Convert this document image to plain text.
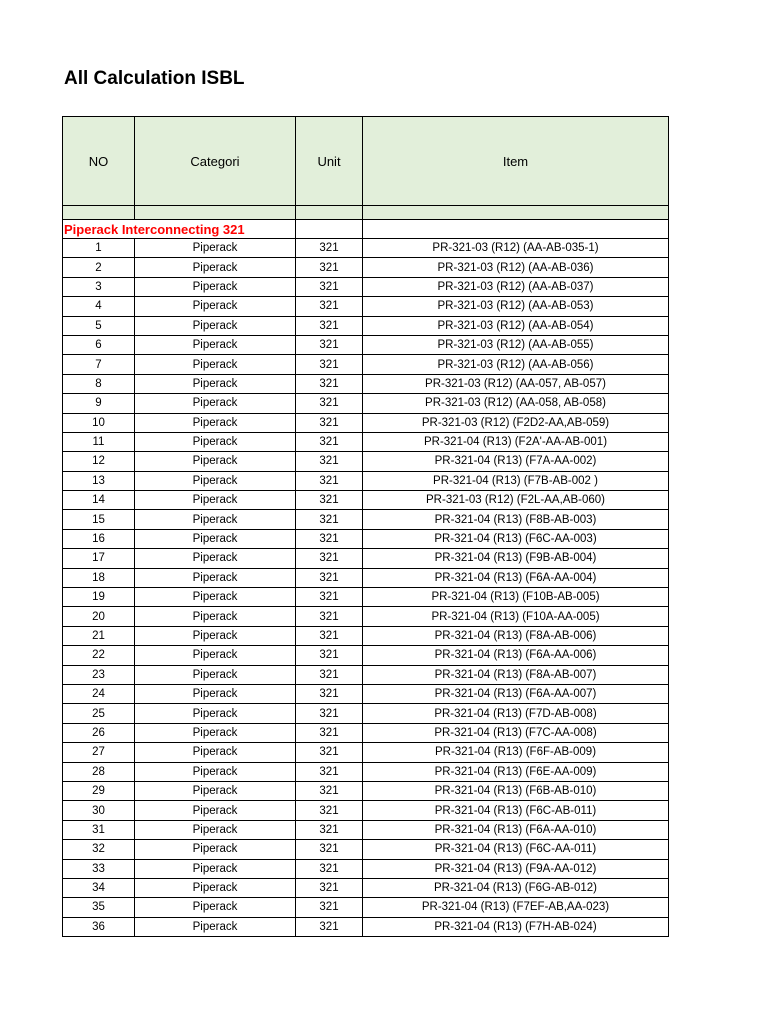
All Calculation ISBL
NO	Categori	Unit	Item

Piperack Interconnecting 321			
1	Piperack	321	PR-321-03 (R12) (AA-AB-035-1)
2	Piperack	321	PR-321-03 (R12) (AA-AB-036)
3	Piperack	321	PR-321-03 (R12) (AA-AB-037)
4	Piperack	321	PR-321-03 (R12) (AA-AB-053)
5	Piperack	321	PR-321-03 (R12) (AA-AB-054)
6	Piperack	321	PR-321-03 (R12) (AA-AB-055)
7	Piperack	321	PR-321-03 (R12) (AA-AB-056)
8	Piperack	321	PR-321-03 (R12) (AA-057, AB-057)
9	Piperack	321	PR-321-03 (R12) (AA-058, AB-058)
10	Piperack	321	PR-321-03 (R12) (F2D2-AA,AB-059)
11	Piperack	321	PR-321-04 (R13) (F2A'-AA-AB-001)
12	Piperack	321	PR-321-04 (R13) (F7A-AA-002)
13	Piperack	321	PR-321-04 (R13) (F7B-AB-002 )
14	Piperack	321	PR-321-03 (R12) (F2L-AA,AB-060)
15	Piperack	321	PR-321-04 (R13) (F8B-AB-003)
16	Piperack	321	PR-321-04 (R13) (F6C-AA-003)
17	Piperack	321	PR-321-04 (R13) (F9B-AB-004)
18	Piperack	321	PR-321-04 (R13) (F6A-AA-004)
19	Piperack	321	PR-321-04 (R13) (F10B-AB-005)
20	Piperack	321	PR-321-04 (R13) (F10A-AA-005)
21	Piperack	321	PR-321-04 (R13) (F8A-AB-006)
22	Piperack	321	PR-321-04 (R13) (F6A-AA-006)
23	Piperack	321	PR-321-04 (R13) (F8A-AB-007)
24	Piperack	321	PR-321-04 (R13) (F6A-AA-007)
25	Piperack	321	PR-321-04 (R13) (F7D-AB-008)
26	Piperack	321	PR-321-04 (R13) (F7C-AA-008)
27	Piperack	321	PR-321-04 (R13) (F6F-AB-009)
28	Piperack	321	PR-321-04 (R13) (F6E-AA-009)
29	Piperack	321	PR-321-04 (R13) (F6B-AB-010)
30	Piperack	321	PR-321-04 (R13) (F6C-AB-011)
31	Piperack	321	PR-321-04 (R13) (F6A-AA-010)
32	Piperack	321	PR-321-04 (R13) (F6C-AA-011)
33	Piperack	321	PR-321-04 (R13) (F9A-AA-012)
34	Piperack	321	PR-321-04 (R13) (F6G-AB-012)
35	Piperack	321	PR-321-04 (R13) (F7EF-AB,AA-023)
36	Piperack	321	PR-321-04 (R13) (F7H-AB-024)
